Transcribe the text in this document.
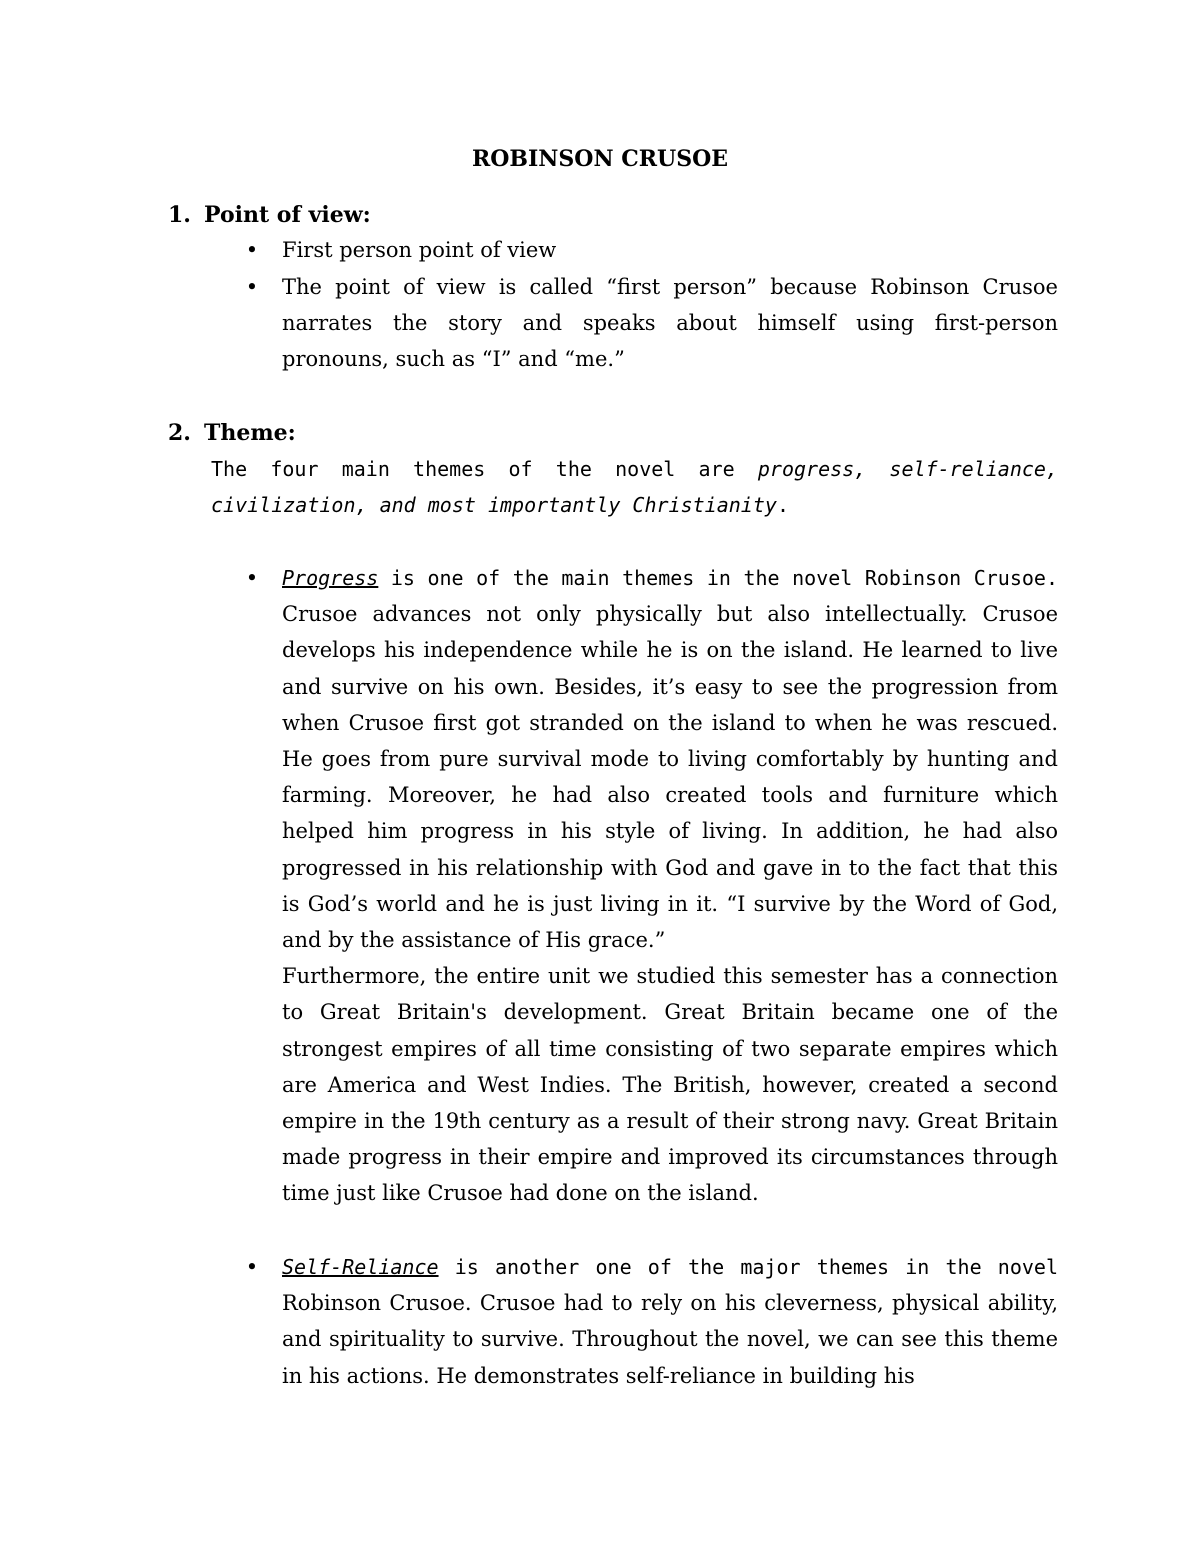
ROBINSON CRUSOE
1. Point of view:
• First person point of view
• The point of view is called “first person” because Robinson Crusoe narrates the story and speaks about himself using first-person pronouns, such as “I” and “me.”
2. Theme:

The four main themes of the novel are progress, self-reliance, civilization, and most importantly Christianity.

• Progress is one of the main themes in the novel Robinson Crusoe. Crusoe advances not only physically but also intellectually. Crusoe develops his independence while he is on the island. He learned to live and survive on his own. Besides, it’s easy to see the progression from when Crusoe first got stranded on the island to when he was rescued. He goes from pure survival mode to living comfortably by hunting and farming. Moreover, he had also created tools and furniture which helped him progress in his style of living. In addition, he had also progressed in his relationship with God and gave in to the fact that this is God’s world and he is just living in it. “I survive by the Word of God, and by the assistance of His grace.”

Furthermore, the entire unit we studied this semester has a connection to Great Britain's development. Great Britain became one of the strongest empires of all time consisting of two separate empires which are America and West Indies. The British, however, created a second empire in the 19th century as a result of their strong navy. Great Britain made progress in their empire and improved its circumstances through time just like Crusoe had done on the island.

• Self-Reliance is another one of the major themes in the novel Robinson Crusoe. Crusoe had to rely on his cleverness, physical ability, and spirituality to survive. Throughout the novel, we can see this theme in his actions. He demonstrates self-reliance in building his
